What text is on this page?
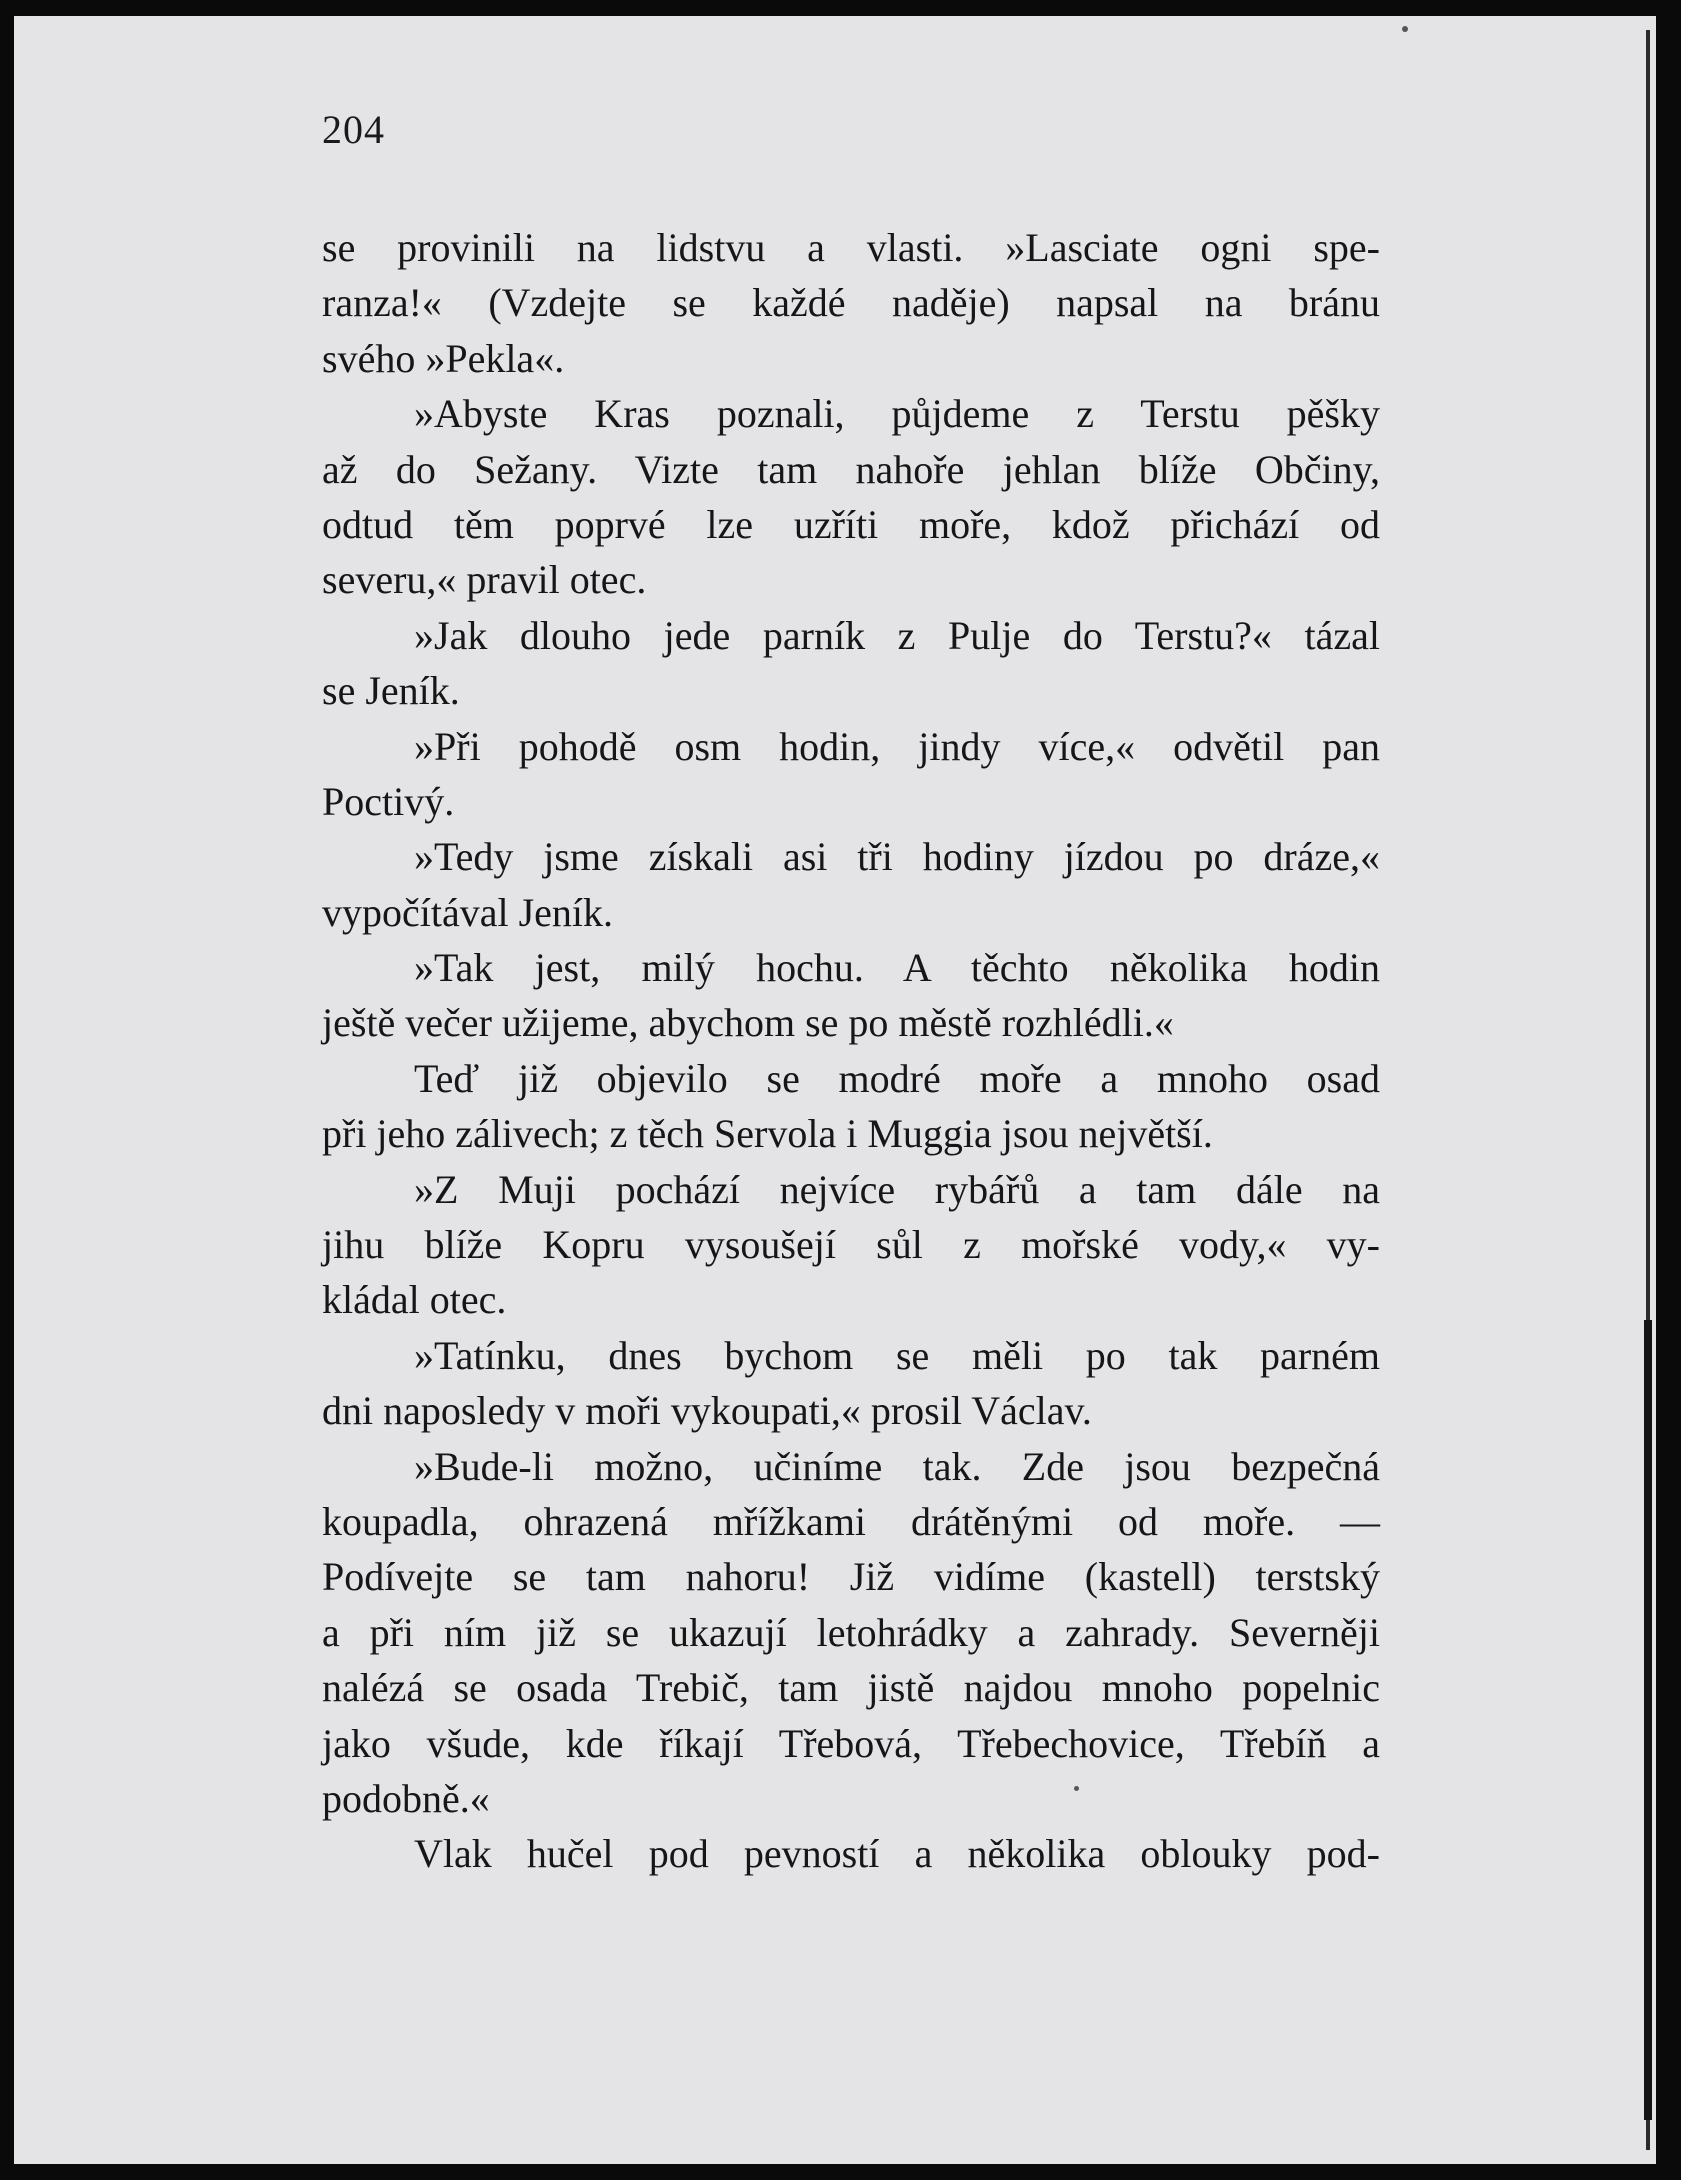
204
se provinili na lidstvu a vlasti. »Lasciate ogni spe-
ranza!« (Vzdejte se každé naděje) napsal na bránu
svého »Pekla«.
»Abyste Kras poznali, půjdeme z Terstu pěšky
až do Sežany. Vizte tam nahoře jehlan blíže Občiny,
odtud těm poprvé lze uzříti moře, kdož přichází od
severu,« pravil otec.
»Jak dlouho jede parník z Pulje do Terstu?« tázal
se Jeník.
»Při pohodě osm hodin, jindy více,« odvětil pan
Poctivý.
»Tedy jsme získali asi tři hodiny jízdou po dráze,«
vypočítával Jeník.
»Tak jest, milý hochu. A těchto několika hodin
ještě večer užijeme, abychom se po městě rozhlédli.«
Teď již objevilo se modré moře a mnoho osad
při jeho zálivech; z těch Servola i Muggia jsou největší.
»Z Muji pochází nejvíce rybářů a tam dále na
jihu blíže Kopru vysoušejí sůl z mořské vody,« vy-
kládal otec.
»Tatínku, dnes bychom se měli po tak parném
dni naposledy v moři vykoupati,« prosil Václav.
»Bude-li možno, učiníme tak. Zde jsou bezpečná
koupadla, ohrazená mřížkami drátěnými od moře. —
Podívejte se tam nahoru! Již vidíme (kastell) terstský
a při ním již se ukazují letohrádky a zahrady. Severněji
nalézá se osada Trebič, tam jistě najdou mnoho popelnic
jako všude, kde říkají Třebová, Třebechovice, Třebíň a
podobně.«
Vlak hučel pod pevností a několika oblouky pod-
